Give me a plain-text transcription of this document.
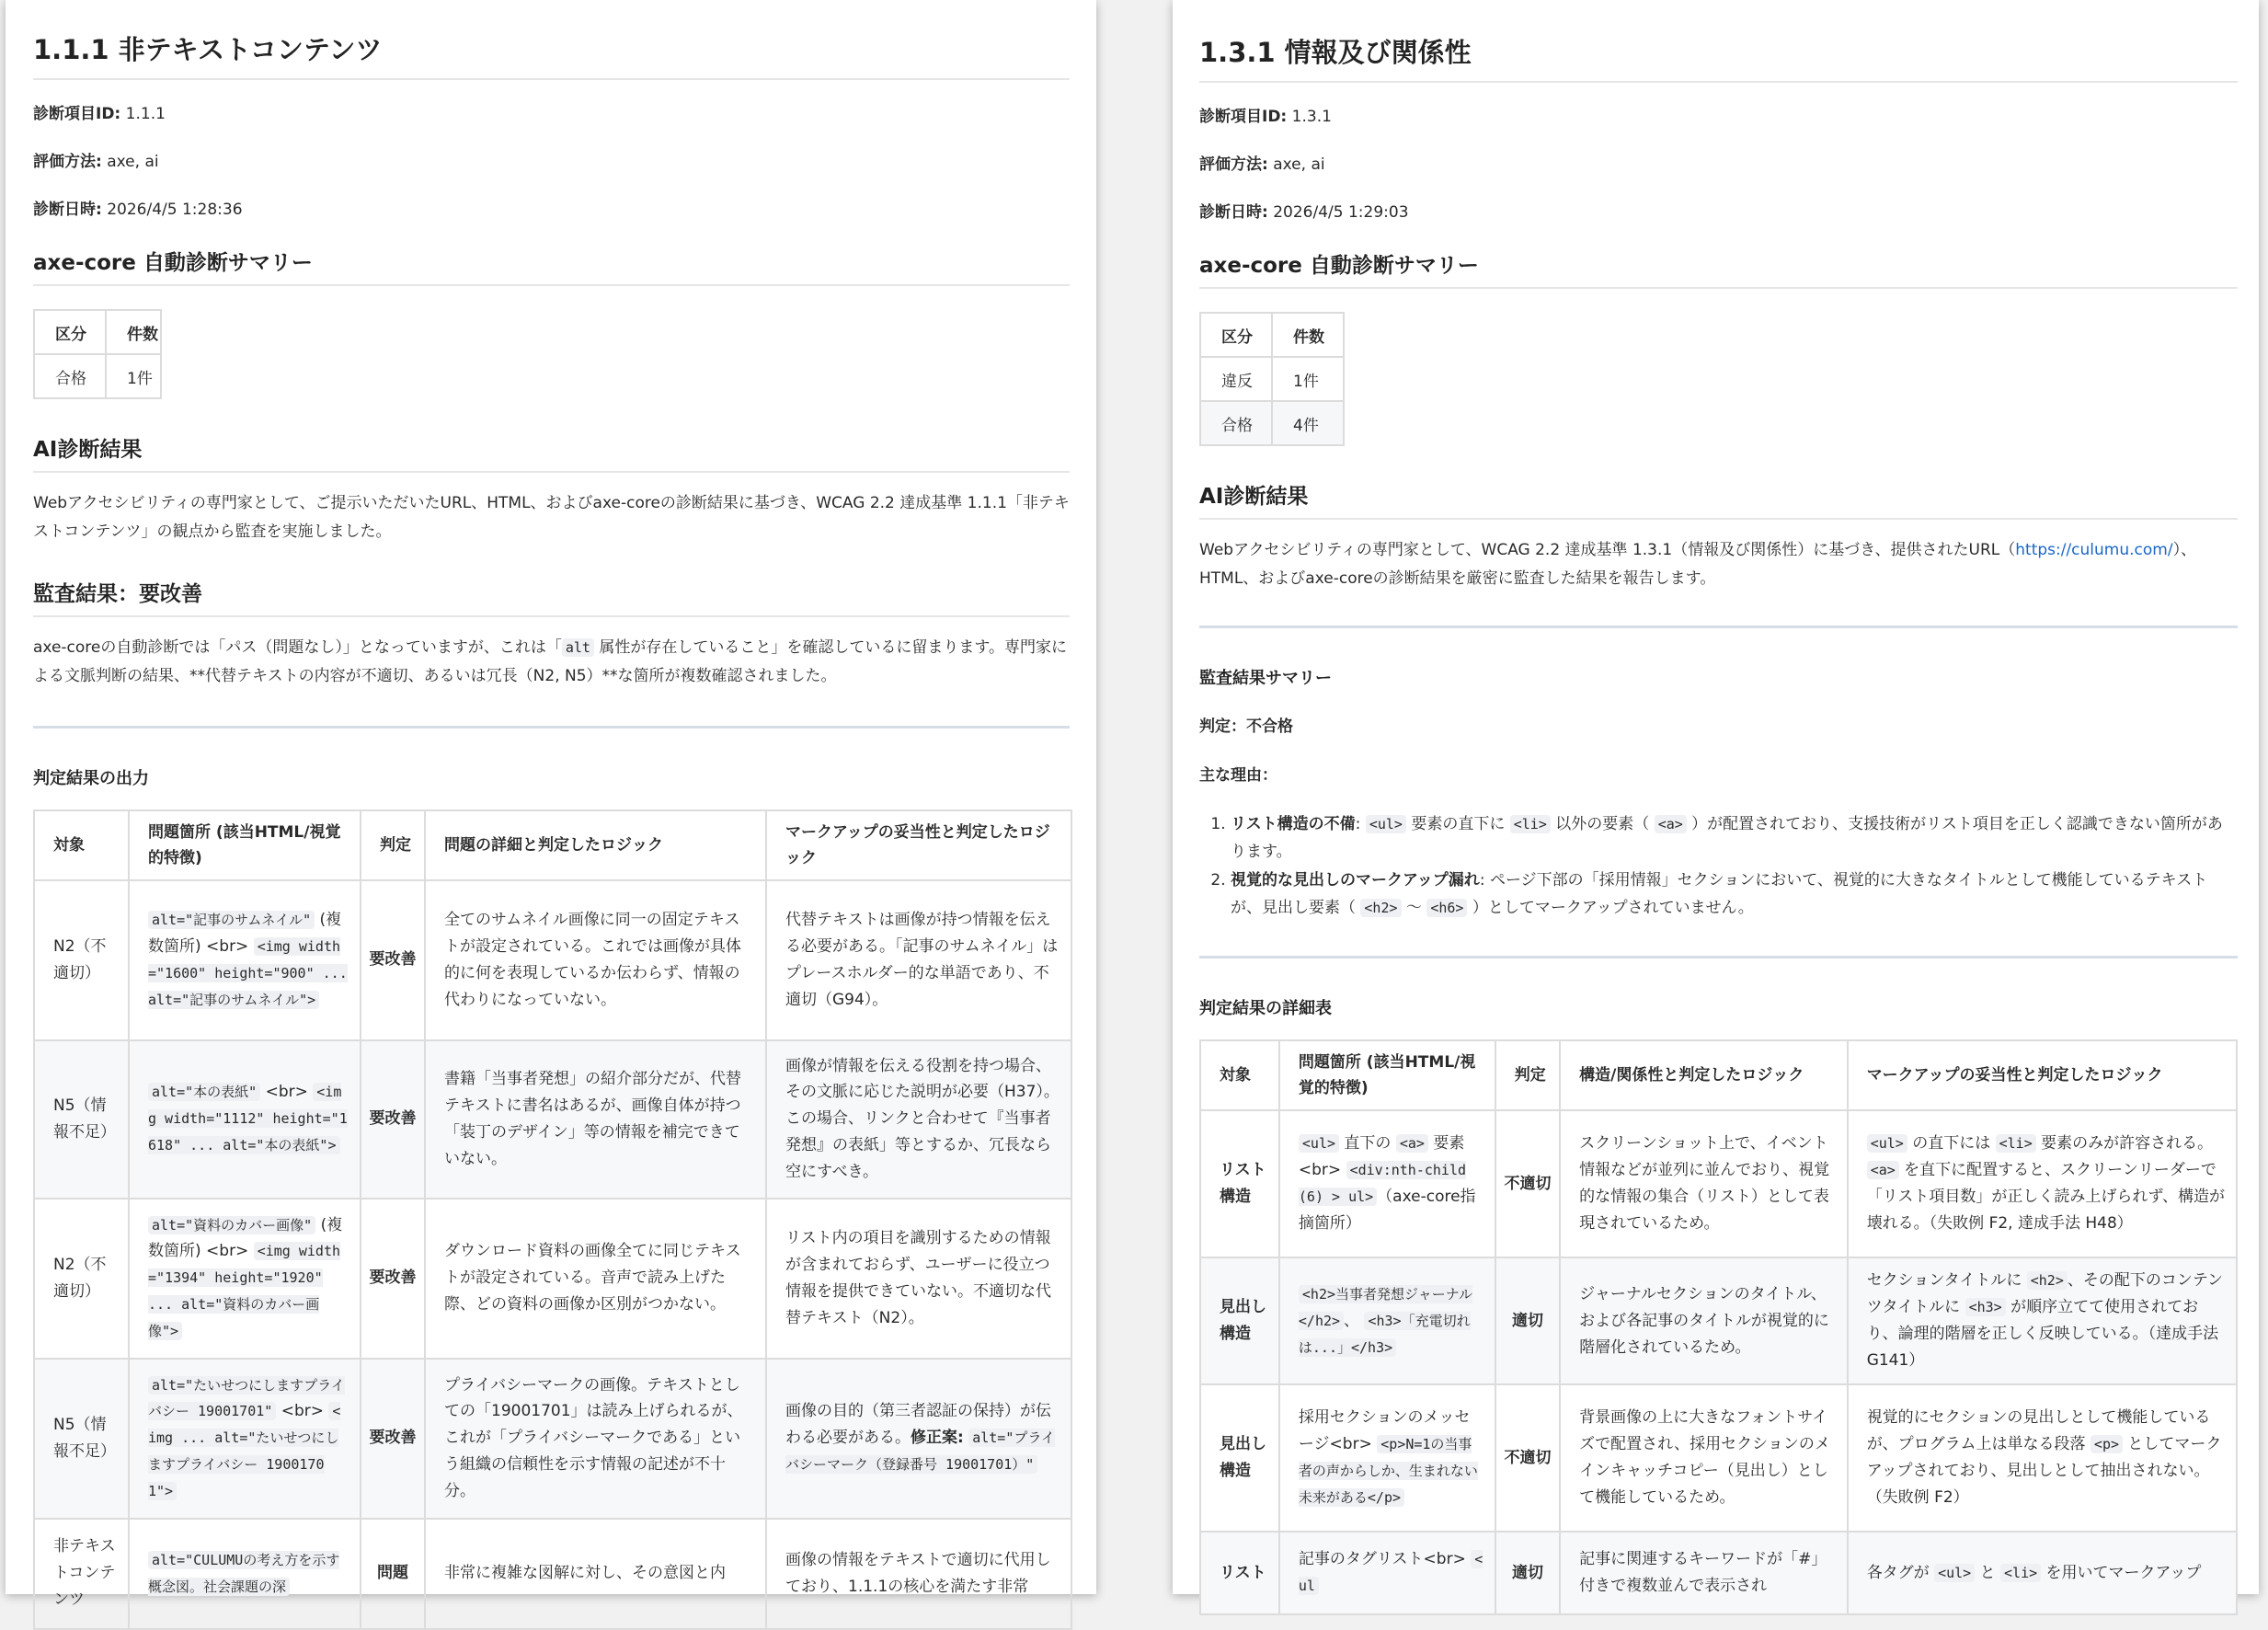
1.1.1 非テキストコンテンツ

診断項目ID: 1.1.1

評価方法: axe, ai

診断日時: 2026/4/5 1:28:36

axe-core 自動診断サマリー
区分	件数
合格	1件
AI診断結果

Webアクセシビリティの専門家として、ご提示いただいたURL、HTML、およびaxe-coreの診断結果に基づき、WCAG 2.2 達成基準 1.1.1「非テキストコンテンツ」の観点から監査を実施しました。

監査結果：要改善

axe-coreの自動診断では「パス（問題なし）」となっていますが、これは「 alt 属性が存在していること」を確認しているに留まります。専門家による文脈判断の結果、**代替テキストの内容が不適切、あるいは冗長（N2, N5）**な箇所が複数確認されました。

判定結果の出力
対象	問題箇所 (該当HTML/視覚的特徴)	判定	問題の詳細と判定したロジック	マークアップの妥当性と判定したロジック
N2（不適切）	alt="記事のサムネイル" (複数箇所) <br> <img width="1600" height="900" ... alt="記事のサムネイル">	要改善	全てのサムネイル画像に同一の固定テキストが設定されている。これでは画像が具体的に何を表現しているか伝わらず、情報の代わりになっていない。	代替テキストは画像が持つ情報を伝える必要がある。「記事のサムネイル」はプレースホルダー的な単語であり、不適切（G94）。
N5（情報不足）	alt="本の表紙" <br> <img width="1112" height="1618" ... alt="本の表紙">	要改善	書籍「当事者発想」の紹介部分だが、代替テキストに書名はあるが、画像自体が持つ「装丁のデザイン」等の情報を補完できていない。	画像が情報を伝える役割を持つ場合、その文脈に応じた説明が必要（H37）。この場合、リンクと合わせて『当事者発想』の表紙」等とするか、冗長なら空にすべき。
N2（不適切）	alt="資料のカバー画像" (複数箇所) <br> <img width="1394" height="1920" ... alt="資料のカバー画像">	要改善	ダウンロード資料の画像全てに同じテキストが設定されている。音声で読み上げた際、どの資料の画像か区別がつかない。	リスト内の項目を識別するための情報が含まれておらず、ユーザーに役立つ情報を提供できていない。不適切な代替テキスト（N2）。
N5（情報不足）	alt="たいせつにしますプライバシー 19001701" <br> <img ... alt="たいせつにしますプライバシー 19001701">	要改善	プライバシーマークの画像。テキストとしての「19001701」は読み上げられるが、これが「プライバシーマークである」という組織の信頼性を示す情報の記述が不十分。	画像の目的（第三者認証の保持）が伝わる必要がある。修正案: alt="プライバシーマーク（登録番号 19001701）"
非テキストコンテンツ	alt="CULUMUの考え方を示す概念図。社会課題の深	問題	非常に複雑な図解に対し、その意図と内	画像の情報をテキストで適切に代用しており、1.1.1の核心を満たす非常
1.3.1 情報及び関係性

診断項目ID: 1.3.1

評価方法: axe, ai

診断日時: 2026/4/5 1:29:03

axe-core 自動診断サマリー
区分	件数
違反	1件
合格	4件
AI診断結果

Webアクセシビリティの専門家として、WCAG 2.2 達成基準 1.3.1（情報及び関係性）に基づき、提供されたURL（https://culumu.com/）、HTML、およびaxe-coreの診断結果を厳密に監査した結果を報告します。

監査結果サマリー

判定：不合格

主な理由：

1. リスト構造の不備: <ul> 要素の直下に <li> 以外の要素（ <a> ）が配置されており、支援技術がリスト項目を正しく認識できない箇所があります。
2. 視覚的な見出しのマークアップ漏れ: ページ下部の「採用情報」セクションにおいて、視覚的に大きなタイトルとして機能しているテキストが、見出し要素（ <h2> 〜 <h6> ）としてマークアップされていません。
判定結果の詳細表
対象	問題箇所 (該当HTML/視覚的特徴)	判定	構造/関係性と判定したロジック	マークアップの妥当性と判定したロジック
リスト構造	<ul> 直下の <a> 要素 <br> <div:nth-child(6) > ul> （axe-core指摘箇所）	不適切	スクリーンショット上で、イベント情報などが並列に並んでおり、視覚的な情報の集合（リスト）として表現されているため。	<ul> の直下には <li> 要素のみが許容される。 <a> を直下に配置すると、スクリーンリーダーで「リスト項目数」が正しく読み上げられず、構造が壊れる。（失敗例 F2, 達成手法 H48）
見出し構造	<h2>当事者発想ジャーナル</h2> 、 <h3>「充電切れは...」</h3>	適切	ジャーナルセクションのタイトル、および各記事のタイトルが視覚的に階層化されているため。	セクションタイトルに <h2> 、その配下のコンテンツタイトルに <h3> が順序立てて使用されており、論理的階層を正しく反映している。（達成手法 G141）
見出し構造	採用セクションのメッセージ<br> <p>N=1の当事者の声からしか、生まれない未来がある</p>	不適切	背景画像の上に大きなフォントサイズで配置され、採用セクションのメインキャッチコピー（見出し）として機能しているため。	視覚的にセクションの見出しとして機能しているが、プログラム上は単なる段落 <p> としてマークアップされており、見出しとして抽出されない。（失敗例 F2）
リスト	記事のタグリスト<br> <ul	適切	記事に関連するキーワードが「#」付きで複数並んで表示され	各タグが <ul> と <li> を用いてマークアップ
